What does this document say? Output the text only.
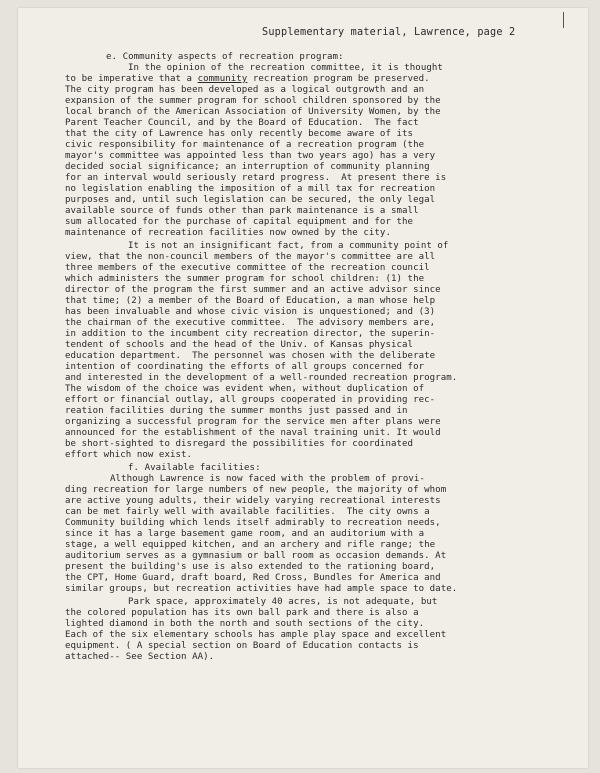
Supplementary material, Lawrence, page 2
e. Community aspects of recreation program:
In the opinion of the recreation committee, it is thought
to be imperative that a community recreation program be preserved.
The city program has been developed as a logical outgrowth and an
expansion of the summer program for school children sponsored by the
local branch of the American Association of University Women, by the
Parent Teacher Council, and by the Board of Education.  The fact
that the city of Lawrence has only recently become aware of its
civic responsibility for maintenance of a recreation program (the
mayor's committee was appointed less than two years ago) has a very
decided social significance; an interruption of community planning
for an interval would seriously retard progress.  At present there is
no legislation enabling the imposition of a mill tax for recreation
purposes and, until such legislation can be secured, the only legal
available source of funds other than park maintenance is a small
sum allocated for the purchase of capital equipment and for the
maintenance of recreation facilities now owned by the city.
It is not an insignificant fact, from a community point of
view, that the non-council members of the mayor's committee are all
three members of the executive committee of the recreation council
which administers the summer program for school children: (1) the
director of the program the first summer and an active advisor since
that time; (2) a member of the Board of Education, a man whose help
has been invaluable and whose civic vision is unquestioned; and (3)
the chairman of the executive committee.  The advisory members are,
in addition to the incumbent city recreation director, the superin-
tendent of schools and the head of the Univ. of Kansas physical
education department.  The personnel was chosen with the deliberate
intention of coordinating the efforts of all groups concerned for
and interested in the development of a well-rounded recreation program.
The wisdom of the choice was evident when, without duplication of
effort or financial outlay, all groups cooperated in providing rec-
reation facilities during the summer months just passed and in
organizing a successful program for the service men after plans were
announced for the establishment of the naval training unit. It would
be short-sighted to disregard the possibilities for coordinated
effort which now exist.
f. Available facilities:
Although Lawrence is now faced with the problem of provi-
ding recreation for large numbers of new people, the majority of whom
are active young adults, their widely varying recreational interests
can be met fairly well with available facilities.  The city owns a
Community building which lends itself admirably to recreation needs,
since it has a large basement game room, and an auditorium with a
stage, a well equipped kitchen, and an archery and rifle range; the
auditorium serves as a gymnasium or ball room as occasion demands. At
present the building's use is also extended to the rationing board,
the CPT, Home Guard, draft board, Red Cross, Bundles for America and
similar groups, but recreation activities have had ample space to date.
Park space, approximately 40 acres, is not adequate, but
the colored population has its own ball park and there is also a
lighted diamond in both the north and south sections of the city.
Each of the six elementary schools has ample play space and excellent
equipment. ( A special section on Board of Education contacts is
attached-- See Section AA).
